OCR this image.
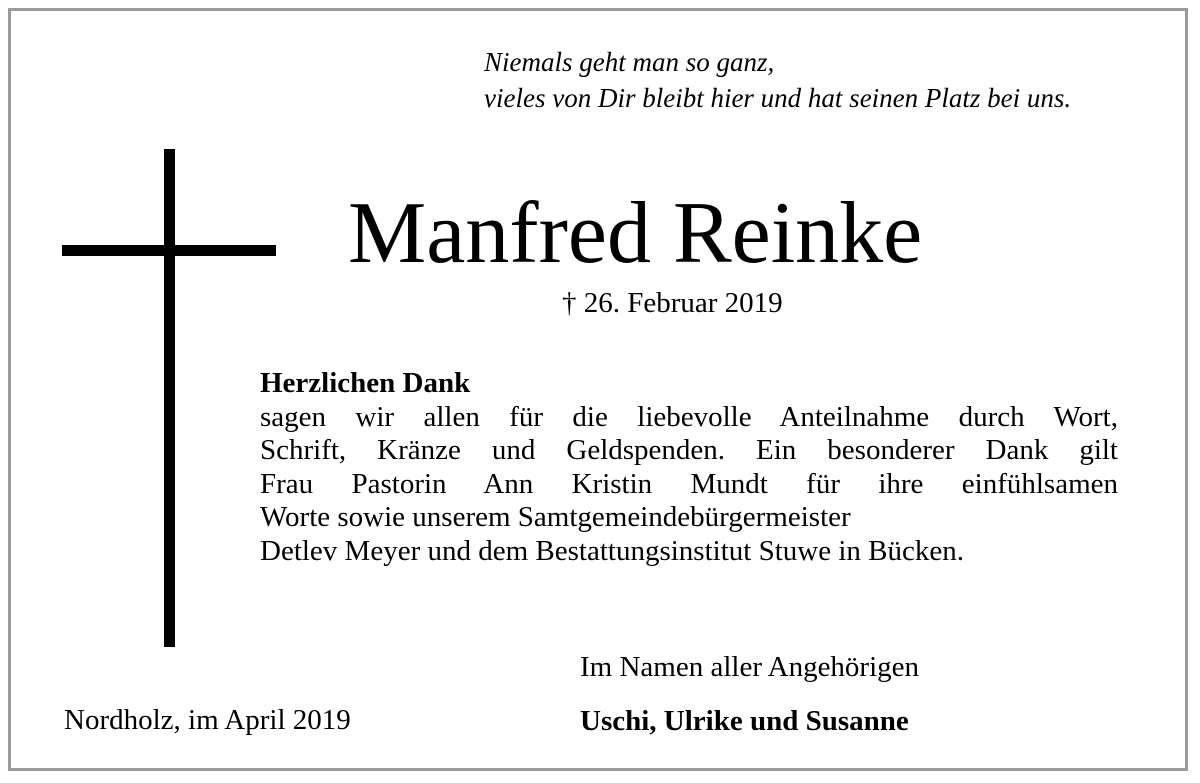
Niemals geht man so ganz,
vieles von Dir bleibt hier und hat seinen Platz bei uns.
Manfred Reinke
† 26. Februar 2019
Herzlichen Dank
sagen wir allen für die liebevolle Anteilnahme durch Wort,
Schrift, Kränze und Geldspenden. Ein besonderer Dank gilt
Frau Pastorin Ann Kristin Mundt für ihre einfühlsamen
Worte sowie unserem Samtgemeindebürgermeister
Detlev Meyer und dem Bestattungsinstitut Stuwe in Bücken.
Im Namen aller Angehörigen
Uschi, Ulrike und Susanne
Nordholz, im April 2019
